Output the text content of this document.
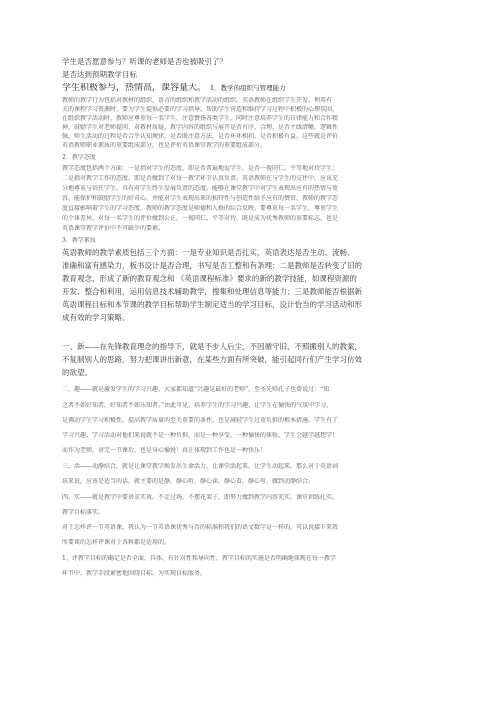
学生是否愿意参与？听课的老师是否也被吸引了？
是否达到预期教学目标
学生积极参与，热情高，课容量大。 1．教学的组织与管理能力
教师的教学行为包括对教材的组织、语言的组织和教学活动的组织。英语教师在组织学生开发、利用有
关的课程学习资源时，要为学生提供必要的学习指导，帮助学生营造和维持学习过程中积极的心理氛围，
在组织教学活动时，教师应尊重每一名学生，注意赞扬各类学生，同时注意培养学生的自律能力和合作精
神，鼓励学生对老师提问、对教材质疑。教学内容的组织与展开是否有序、合理，是否主线清晰，逻辑性
强，师生活动的过程是否合乎认知规律，是否既注意方法，是否环环相扣，是否积极有益。这些就是评价
英语教师职业素质的重要组成部分，也是评价英语课堂教学的重要组成部分。
2．教学态度
教学态度包括两个方面：一是指对学生的态度，即是否普遍地爱学生，是否一视同仁，平等地对待学生；
二是指对教学工作的态度，即是否做到了对每一教学环节认真负责。英语教师在与学生的交往中，应该充
分地尊重与信任学生，具有对学生终生发展负责的态度，能够在课堂教学中对学生表现出应有的热情与宽
容，能保护和鼓励学生的好奇心，并能对学生表现出来的独特性与创造性给予应有的赞赏。教师的教学态
度直接影响着学生的学习态度，教师的教学态度是师德和人格的综合反映。要尊重每一名学生，尊重学生
的个体差异，对每一名学生的评价做到公正，一视同仁，平等对待，既是成为优秀教师的重要标志，也是
英语课堂教学评价中不可缺少的要素。
3．教学素质
英语教师的教学素质包括三个方面：一是专业知识是否扎实，英语表达是否生动、流畅、
准确和富有感染力，板书设计是否合理，书写是否工整和有条理；二是教师是否转变了旧的
教育观念，形成了新的教育观念和 《英语课程标准》要求的新的教学技能，如课程资源的
开发、整合和利用，运用信息技术辅助教学，搜集和处理信息等能力；三是教师能否根据新
英语课程目标和本节课的教学目标帮助学生制定适当的学习目标，设计恰当的学习活动和形
成有效的学习策略。
一、新——在先锋教育理念的指导下，就是不步人后尘，不因循守旧，不照搬别人的教案，
不复制别人的思路，努力把课讲出新意，在某些方面有所突破，能引起同行们产生学习仿效
的欲望。
二、趣——就是激发学生的学习兴趣。大家都知道“兴趣是最好的老师”，至圣先师孔子也曾说过：“知
之者不如好知者，好知者不如乐知者。”由此可见，培养学生的学习兴趣，让学生在愉快的气氛中学习，
是调动学生学习积极性，提高教学质量的至关重要的条件，也是减轻学生过重负担的根本措施。学生有了
学习兴趣，学习活动对他们来说就不是一种负担，而是一种享受，一种愉快的体验，学生会越学越想学！
而作为老师，讲完一节课后，也是身心愉悦！真正体现到工作也是一种快乐！
三、活——动静结合，就是让课堂教学焕发出生命活力，让课堂活起来，让学生动起来，那么对于英语词
该来说，应该是适当的话，就主要的是静，静心听，静心读，静心看，静心写，做到动静结合。
四、实——就是教学中要讲求实效。不走过场，不摆花架子，即努力做到教学内容充实，课堂训练扎实，
教学目标落实。
对于怎样评一节英语课，我认为一节英语课优秀与否的标准和我们的语文数学是一样的，可以说接下来我
所要谈的怎样评课对于各科都是适用的。
1、评教学目标的确定是否全面、具体、有针对性和导向性。教学目标的实施是否明确地体现在每一教学
环节中，教学手段紧密地围绕目标，为实现目标服务。
